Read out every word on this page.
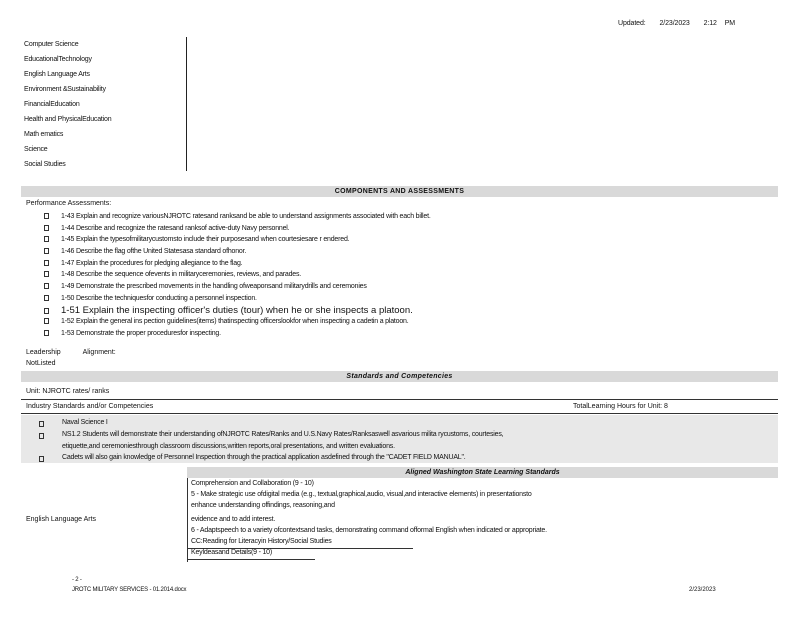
Updated: 2/23/2023 2:12 PM
Computer Science
EducationalTechnology
English Language Arts
Environment &Sustainability
FinancialEducation
Health and PhysicalEducation
Math ematics
Science
Social Studies
COMPONENTS AND ASSESSMENTS
Performance Assessments:
1-43 Explain and recognize variousNJROTC ratesand ranksand be able to understand assignments associated with each billet.
1-44 Describe and recognize the ratesand ranksof active-duty Navy personnel.
1-45 Explain the typesofmilitarycustomsto include their purposesand when courtesiesare r endered.
1-46 Describe the flag ofthe United Statesasa standard ofhonor.
1-47 Explain the procedures for pledging allegiance to the flag.
1-48 Describe the sequence ofevents in militaryceremonies, reviews, and parades.
1-49 Demonstrate the prescribed movements in the handling ofweaponsand militarydrills and ceremonies
1-50 Describe the techniquesfor conducting a personnel inspection.
1-51 Explain the inspecting officer's duties (tour) when he or she inspects a platoon.
1-52 Explain the general ins pection guidelines(items) thatinspecting officerslookfor when inspecting a cadetin a platoon.
1-53 Demonstrate the proper proceduresfor inspecting.
Leadership	Alignment:
NotListed
Standards and Competencies
Unit: NJROTC rates/ ranks
Industry Standards and/or Competencies	TotalLearning Hours for Unit: 8
Naval Science I
NS1.2 Students will demonstrate their understanding ofNJROTC Rates/Ranks and U.S.Navy Rates/Ranksaswell asvarious milita rycustoms, courtesies,
etiquette,and ceremoniesthrough classroom discussions,written reports,oral presentations, and written evaluations.
Cadets will also gain knowledge of Personnel Inspection through the practical application asdefined through the "CADET FIELD MANUAL".
Aligned Washington State Learning Standards
English Language Arts
Comprehension and Collaboration (9 - 10)
5 - Make strategic use ofdigital media (e.g., textual,graphical,audio, visual,and interactive elements) in presentationsto
enhance understanding offindings, reasoning,and
evidence and to add interest.
6 - Adaptspeech to a variety ofcontextsand tasks, demonstrating command offormal English when indicated or appropriate.
CC:Reading for Literacyin History/Social Studies
Keyldeasand Details(9 - 10)
- 2 -
JROTC MILITARY SERVICES - 01.2014.docx	2/23/2023
